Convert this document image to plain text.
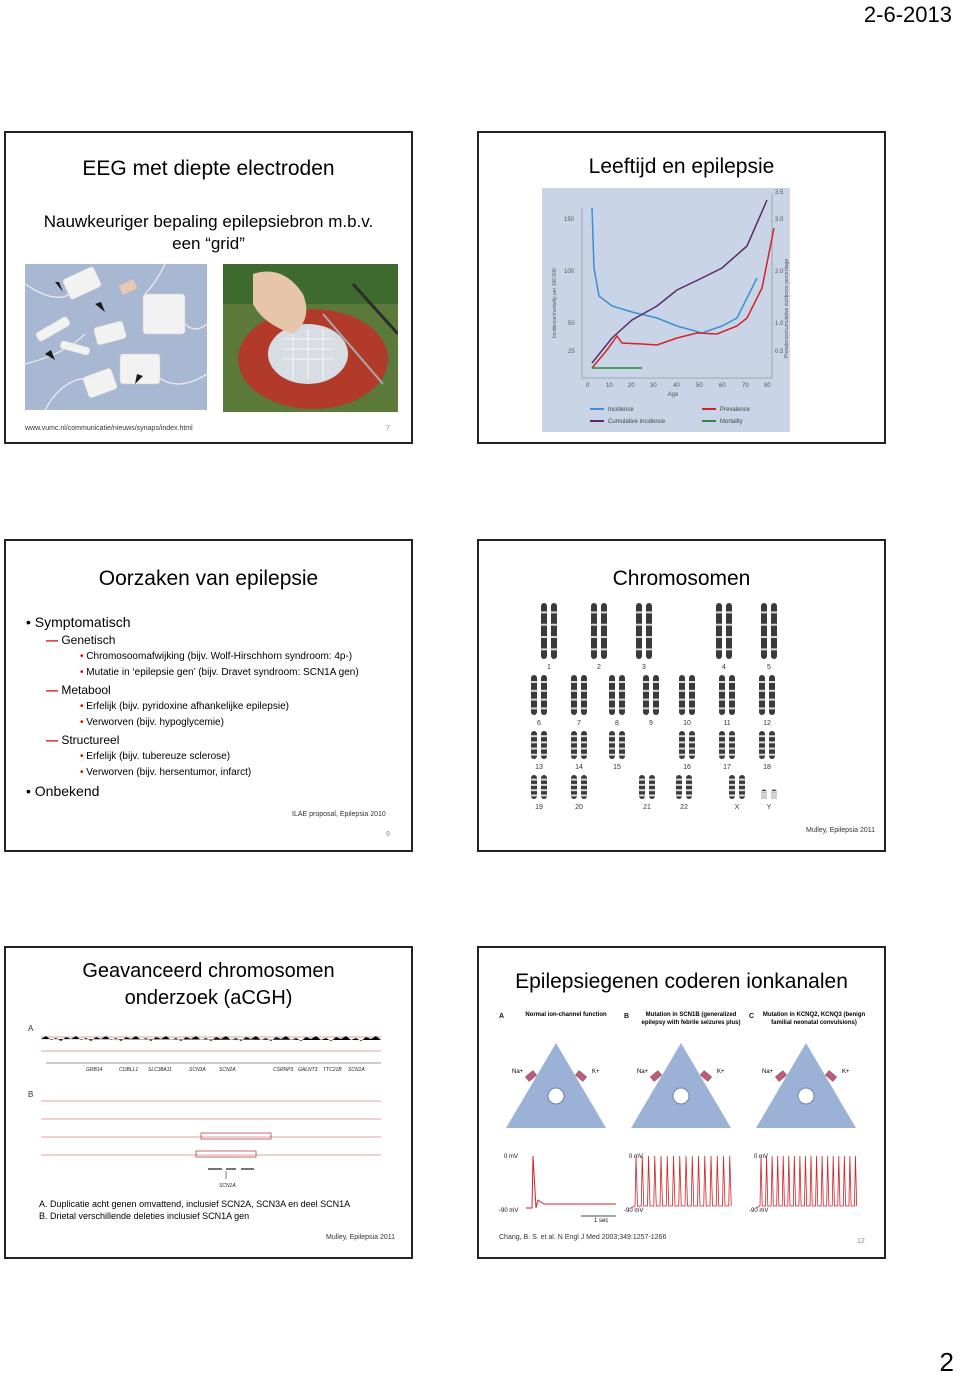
2-6-2013
EEG met diepte electroden
Nauwkeuriger bepaling epilepsiebron m.b.v.
een “grid”
www.vumc.nl/communicatie/nieuws/synaps/index.html	7
Leeftijd en epilepsie
150
100
50
25
3.5
3.0
2.0
1.0
0.5
0	10	20	30	40	50	60	70	80
Age
Incidence/mortality per 100 000	Prevalence/cumulative incidence percentage
Incidence
Cumulative incidence
Prevalence
Mortality
Oorzaken van epilepsie
• Symptomatisch
— Genetisch
• Chromosoomafwijking (bijv. Wolf-Hirschhorn syndroom: 4p-)
• Mutatie in ‘epilepsie gen’ (bijv. Dravet syndroom: SCN1A gen)
— Metabool
• Erfelijk (bijv. pyridoxine afhankelijke epilepsie)
• Verworven (bijv. hypoglycemie)
— Structureel
• Erfelijk (bijv. tubereuze sclerose)
• Verworven (bijv. hersentumor, infarct)
• Onbekend
ILAE proposal, Epilepsia 2010
9
Chromosomen
1	2	3	4	5
6	7	8	9	10	11	12
13	14	15	16	17	18
19	20	21	22	X	Y
Mulley, Epilepsia 2011
Geavanceerd chromosomen
onderzoek (aCGH)
A
B
GRB14	COBLL1 SLC38A11	SCN3A	SCN2A	CSRNP3 GALNT3 TTC21B SCN1A
SCN1A
A. Duplicatie acht genen omvattend, inclusief SCN2A, SCN3A en deel SCN1A
B. Drietal verschillende deleties inclusief SCN1A gen
Mulley, Epilepsia 2011
Epilepsiegenen coderen ionkanalen
A	B	C
Normal ion-channel function	Mutation in SCN1B (generalized epilepsy with febrile seizures plus)
Mutation in KCNQ2, KCNQ3 (benign familial neonatal convulsions)
Na+	K+	Na+	K+	Na+	K+
0 mV	0 mV	0 mV
-90 mV	-90 mV	-90 mV
1 sec
Chang, B. S. et al. N Engl J Med 2003;349:1257-1266
12
2
